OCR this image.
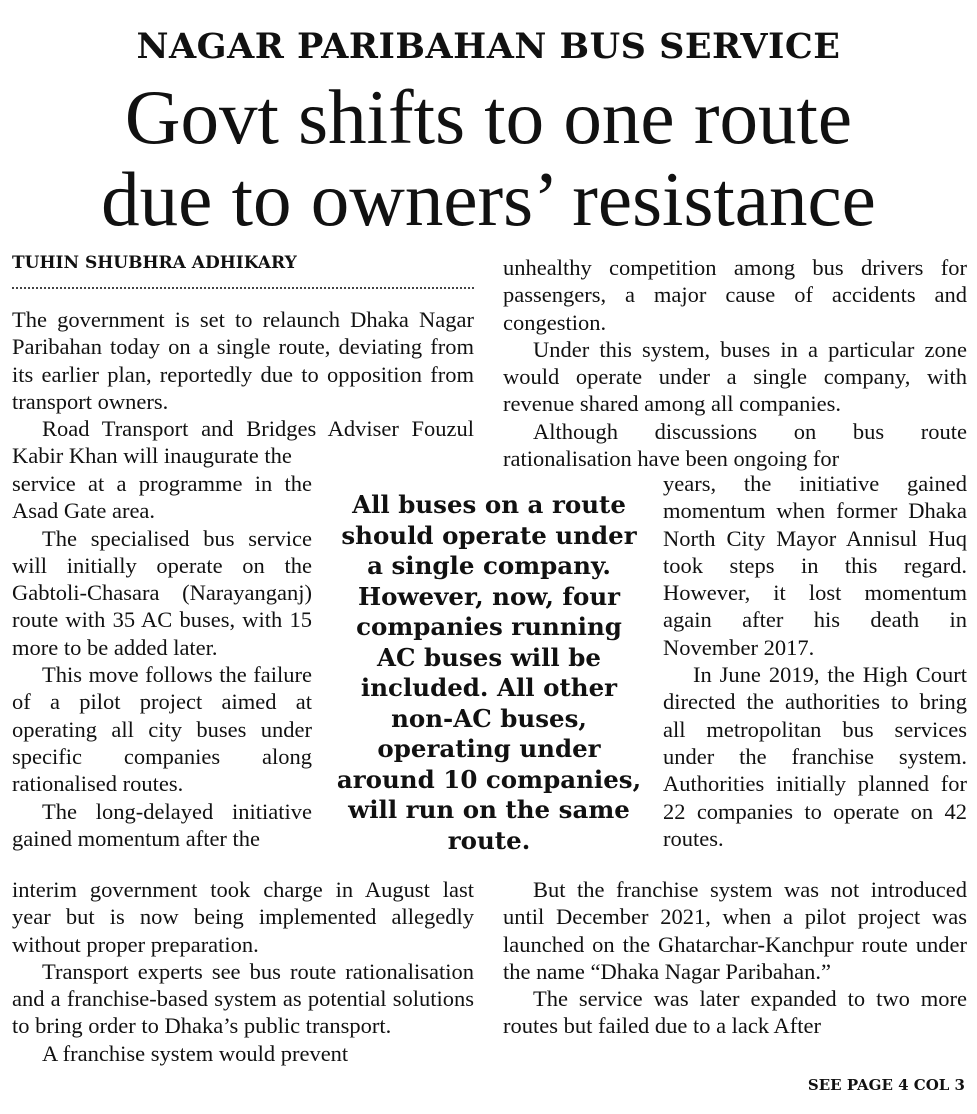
NAGAR PARIBAHAN BUS SERVICE
Govt shifts to one route
due to owners’ resistance
TUHIN SHUBHRA ADHIKARY

The government is set to relaunch Dhaka Nagar Paribahan today on a single route, deviating from its earlier plan, reportedly due to opposition from transport owners.

Road Transport and Bridges Adviser Fouzul Kabir Khan will inaugurate the

service at a programme in the Asad Gate area.

The specialised bus service will initially operate on the Gabtoli-Chasara (Narayanganj) route with 35 AC buses, with 15 more to be added later.

This move follows the failure of a pilot project aimed at operating all city buses under specific companies along rationalised routes.

The long-delayed initiative gained momentum after the

interim government took charge in August last year but is now being implemented allegedly without proper preparation.

Transport experts see bus route rationalisation and a franchise-based system as potential solutions to bring order to Dhaka’s public transport.

A franchise system would prevent

All buses on a route should operate under a single company. However, now, four companies running AC buses will be included. All other non-AC buses, operating under around 10 companies, will run on the same route.

unhealthy competition among bus drivers for passengers, a major cause of accidents and congestion.

Under this system, buses in a particular zone would operate under a single company, with revenue shared among all companies.

Although discussions on bus route rationalisation have been ongoing for

years, the initiative gained momentum when former Dhaka North City Mayor Annisul Huq took steps in this regard. However, it lost momentum again after his death in November 2017.

In June 2019, the High Court directed the authorities to bring all metropolitan bus services under the franchise system. Authorities initially planned for 22 companies to operate on 42 routes.

But the franchise system was not introduced until December 2021, when a pilot project was launched on the Ghatarchar-Kanchpur route under the name “Dhaka Nagar Paribahan.”

The service was later expanded to two more routes but failed due to a lack After

SEE PAGE 4 COL 3
